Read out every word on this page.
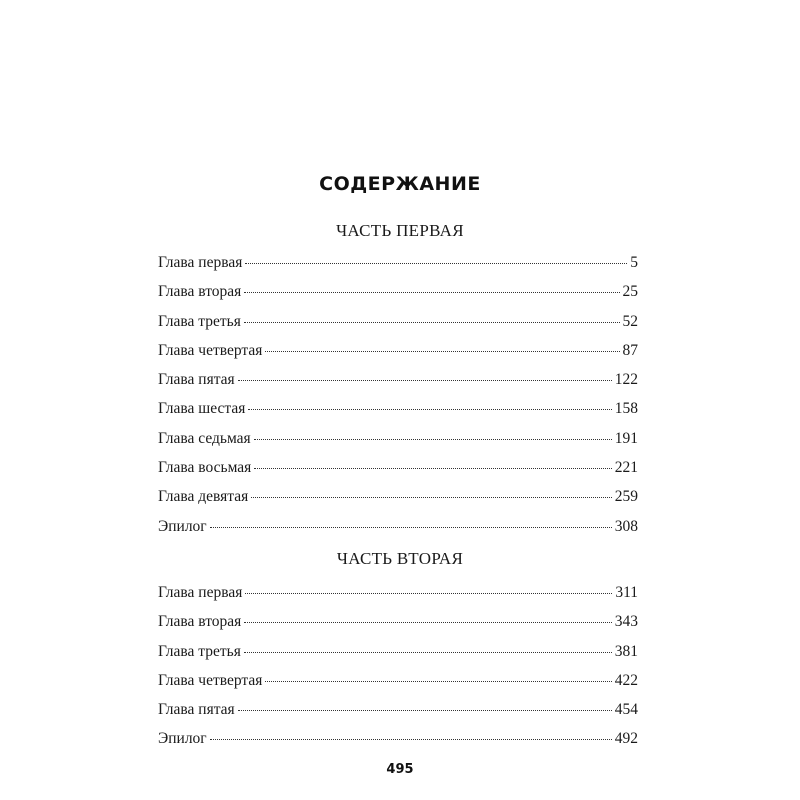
СОДЕРЖАНИЕ
ЧАСТЬ ПЕРВАЯ
Глава первая	5
Глава вторая	25
Глава третья	52
Глава четвертая	87
Глава пятая	122
Глава шестая	158
Глава седьмая	191
Глава восьмая	221
Глава девятая	259
Эпилог	308
ЧАСТЬ ВТОРАЯ
Глава первая	311
Глава вторая	343
Глава третья	381
Глава четвертая	422
Глава пятая	454
Эпилог	492
495
